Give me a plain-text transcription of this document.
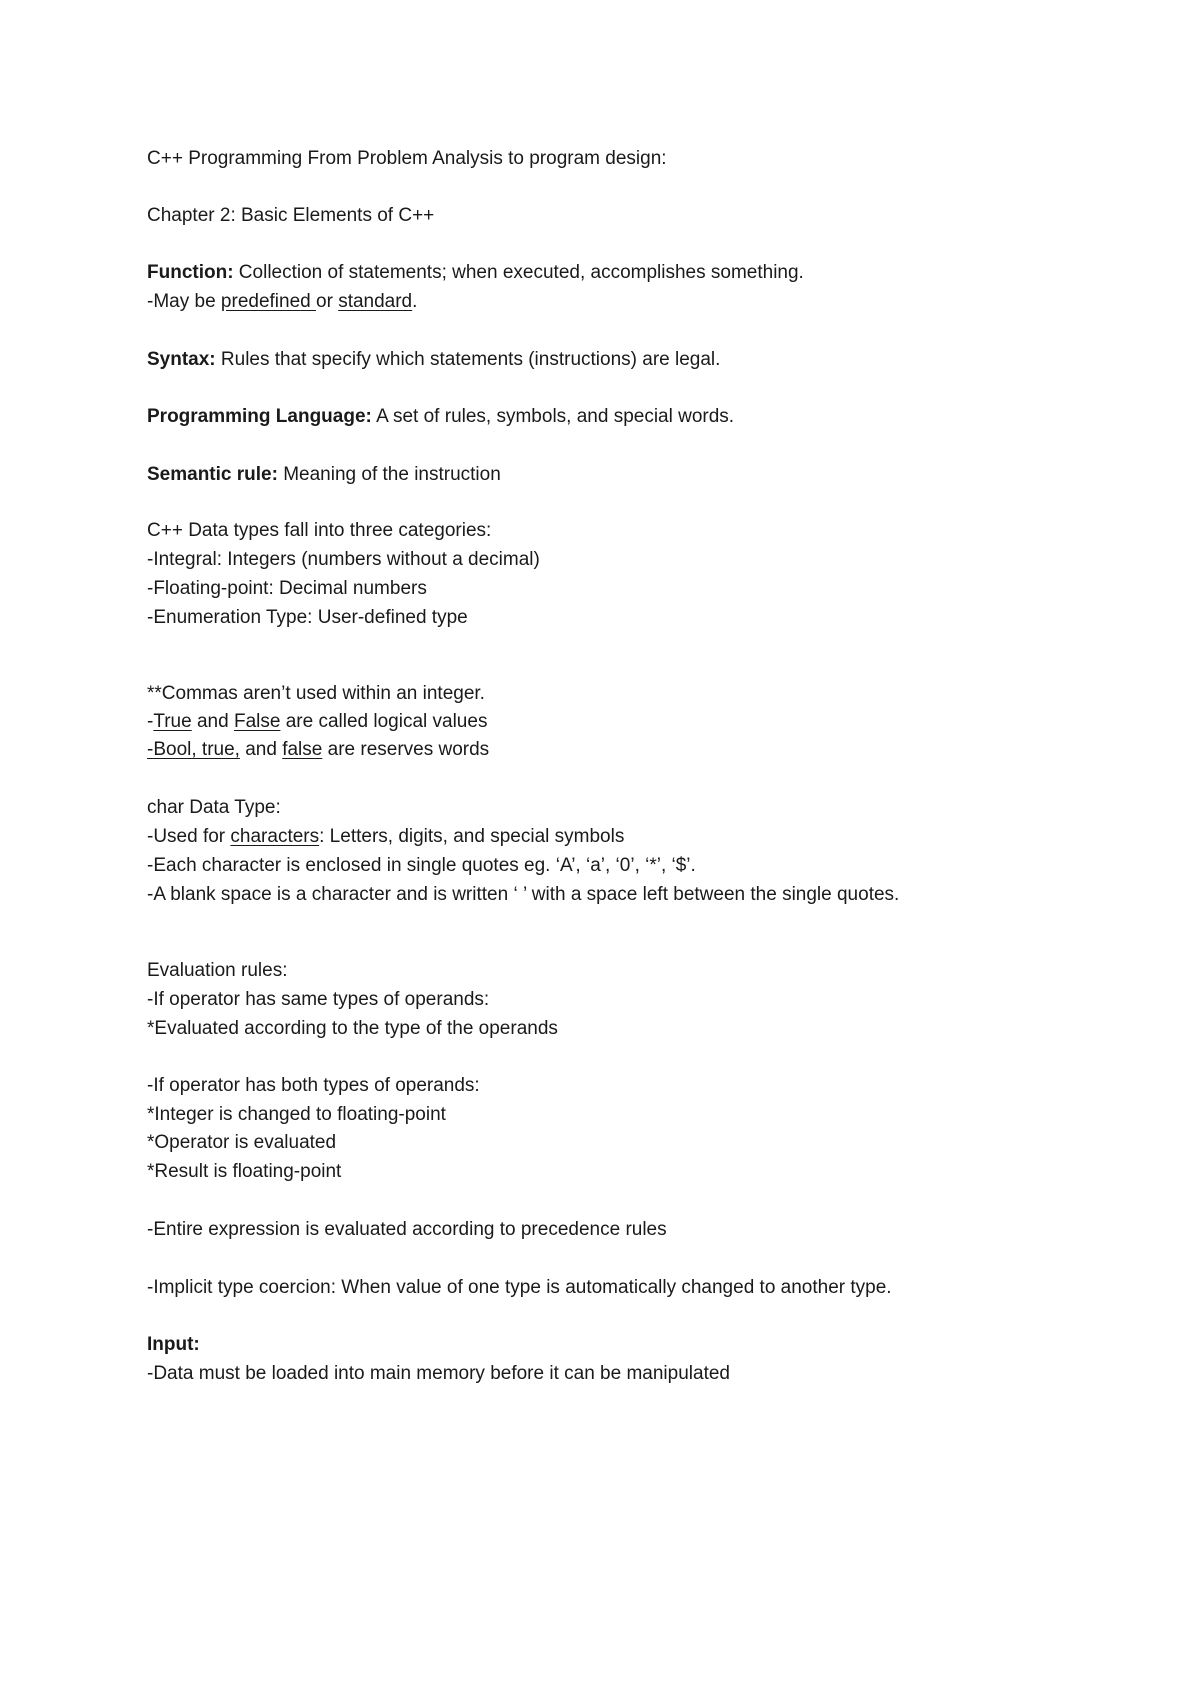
C++ Programming From Problem Analysis to program design:
Chapter 2: Basic Elements of C++
Function: Collection of statements; when executed, accomplishes something.
-May be predefined or standard.
Syntax: Rules that specify which statements (instructions) are legal.
Programming Language: A set of rules, symbols, and special words.
Semantic rule: Meaning of the instruction
C++ Data types fall into three categories:
-Integral: Integers (numbers without a decimal)
-Floating-point: Decimal numbers
-Enumeration Type: User-defined type
**Commas aren’t used within an integer.
-True and False are called logical values
-Bool, true, and false are reserves words
char Data Type:
-Used for characters: Letters, digits, and special symbols
-Each character is enclosed in single quotes eg. ‘A’, ‘a’, ‘0’, ‘*’, ‘$’.
-A blank space is a character and is written ‘ ’ with a space left between the single quotes.
Evaluation rules:
-If operator has same types of operands:
*Evaluated according to the type of the operands
-If operator has both types of operands:
*Integer is changed to floating-point
*Operator is evaluated
*Result is floating-point
-Entire expression is evaluated according to precedence rules
-Implicit type coercion: When value of one type is automatically changed to another type.
Input:
-Data must be loaded into main memory before it can be manipulated
